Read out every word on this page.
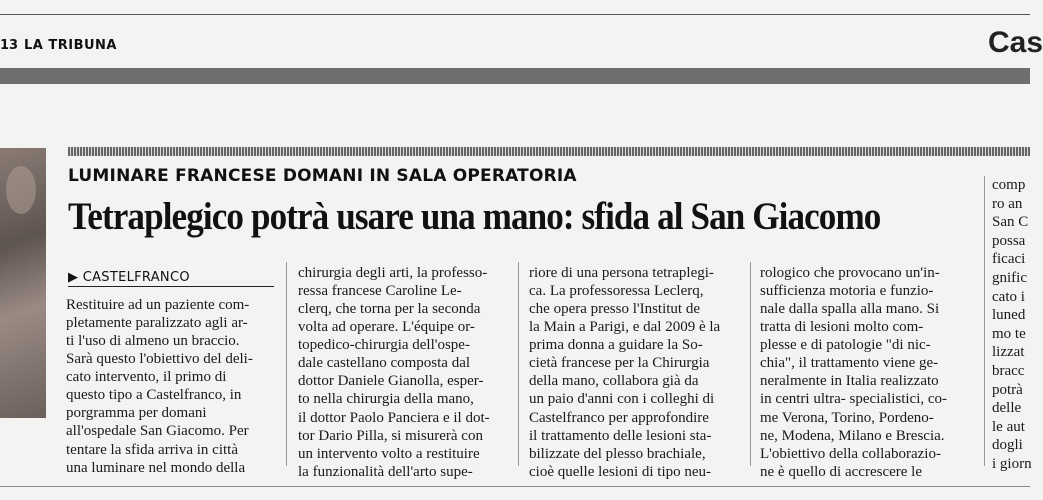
13 LA TRIBUNA	Cas
LUMINARE FRANCESE DOMANI IN SALA OPERATORIA
Tetraplegico potrà usare una mano: sfida al San Giacomo
▶ CASTELFRANCO
Restituire ad un paziente com-
pletamente paralizzato agli ar-
ti l'uso di almeno un braccio.
Sarà questo l'obiettivo del deli-
cato intervento, il primo di
questo tipo a Castelfranco, in
porgramma per domani
all'ospedale San Giacomo. Per
tentare la sfida arriva in città
una luminare nel mondo della
chirurgia degli arti, la professo-
ressa francese Caroline Le-
clerq, che torna per la seconda
volta ad operare. L'équipe or-
topedico-chirurgia dell'ospe-
dale castellano composta dal
dottor Daniele Gianolla, esper-
to nella chirurgia della mano,
il dottor Paolo Panciera e il dot-
tor Dario Pilla, si misurerà con
un intervento volto a restituire
la funzionalità dell'arto supe-
riore di una persona tetraplegi-
ca. La professoressa Leclerq,
che opera presso l'Institut de
la Main a Parigi, e dal 2009 è la
prima donna a guidare la So-
cietà francese per la Chirurgia
della mano, collabora già da
un paio d'anni con i colleghi di
Castelfranco per approfondire
il trattamento delle lesioni sta-
bilizzate del plesso brachiale,
cioè quelle lesioni di tipo neu-
rologico che provocano un'in-
sufficienza motoria e funzio-
nale dalla spalla alla mano. Si
tratta di lesioni molto com-
plesse e di patologie "di nic-
chia", il trattamento viene ge-
neralmente in Italia realizzato
in centri ultra- specialistici, co-
me Verona, Torino, Pordeno-
ne, Modena, Milano e Brescia.
L'obiettivo della collaborazio-
ne è quello di accrescere le
comp
ro an
San C
possa
ficaci
gnific
cato i
luned
mo te
lizzat
bracc
potrà
delle
le aut
dogli
i giorn
